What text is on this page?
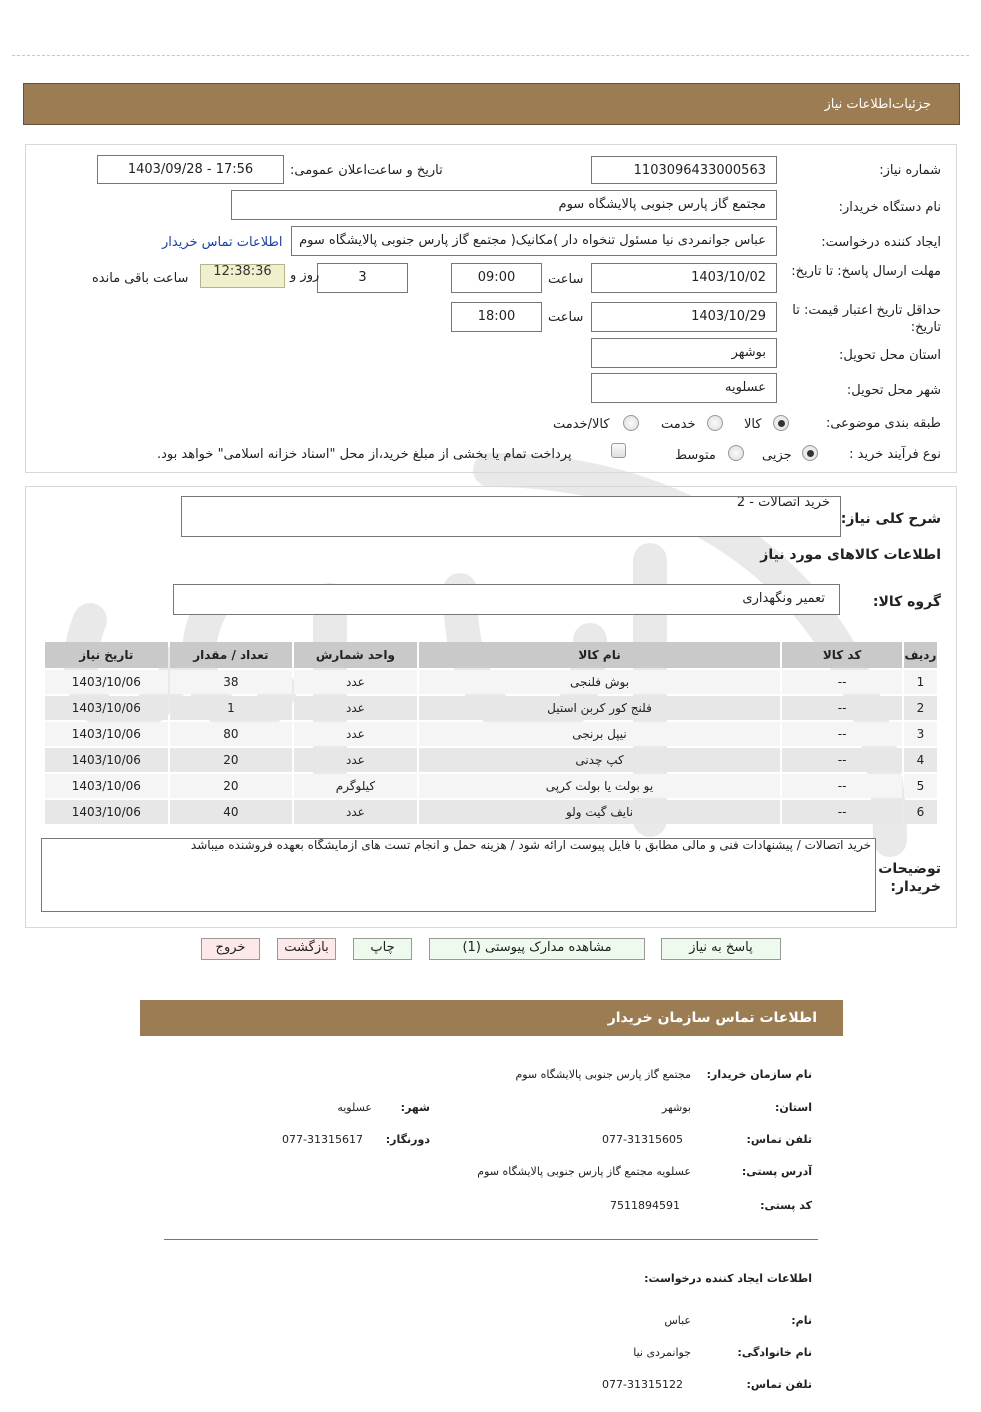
جزئیات‌اطلاعات نیاز
شماره نیاز:
1103096433000563
تاریخ و ساعت‌اعلان عمومی:
1403/09/28 - 17:56
نام دستگاه خریدار:
مجتمع گاز پارس جنوبی پالایشگاه سوم
ایجاد کننده درخواست:
عباس جوانمردی نیا مسئول تنخواه دار )مکانیک( مجتمع گاز پارس جنوبی پالایشگاه سوم
اطلاعات تماس خریدار
مهلت ارسال پاسخ: تا تاریخ:
1403/10/02
ساعت
09:00
3
روز و
12:38:36
ساعت باقی مانده
حداقل تاریخ اعتبار قیمت: تا تاریخ:
1403/10/29
ساعت
18:00
استان محل تحویل:
بوشهر
شهر محل تحویل:
عسلویه
طبقه بندی موضوعی:
کالا
خدمت
کالا/خدمت
نوع فرآیند خرید :
جزیی
متوسط
پرداخت تمام یا بخشی از مبلغ خرید،از محل "اسناد خزانه اسلامی" خواهد بود.
شرح کلی نیاز:
خرید اتصالات - 2
اطلاعات کالاهای مورد نیاز
گروه کالا:
تعمیر ونگهداری
ردیف	کد کالا	نام کالا	واحد شمارش	تعداد / مقدار	تاریخ نیاز
1	--	بوش فلنجی	عدد	38	1403/10/06
2	--	فلنج کور کربن استیل	عدد	1	1403/10/06
3	--	نیپل برنجی	عدد	80	1403/10/06
4	--	کپ چدنی	عدد	20	1403/10/06
5	--	یو بولت یا بولت کرپی	کیلوگرم	20	1403/10/06
6	--	نایف گیت ولو	عدد	40	1403/10/06
توضیحات خریدار:
خرید اتصالات / پیشنهادات فنی و مالی مطابق با فایل پیوست ارائه شود / هزینه حمل و انجام تست های ازمایشگاه بعهده فروشنده میباشد
پاسخ به نیاز
مشاهده مدارک پیوستی (1)
چاپ
بازگشت
خروج
اطلاعات تماس سازمان خریدار
نام سازمان خریدار:
مجتمع گاز پارس جنوبی پالایشگاه سوم
استان:
بوشهر
شهر:
عسلویه
تلفن تماس:
077-31315605
دورنگار:
077-31315617
آدرس پستی:
عسلویه مجتمع گاز پارس جنوبی پالایشگاه سوم
کد پستی:
7511894591
اطلاعات ایجاد کننده درخواست:
نام:
عباس
نام خانوادگی:
جوانمردی نیا
تلفن تماس:
077-31315122
